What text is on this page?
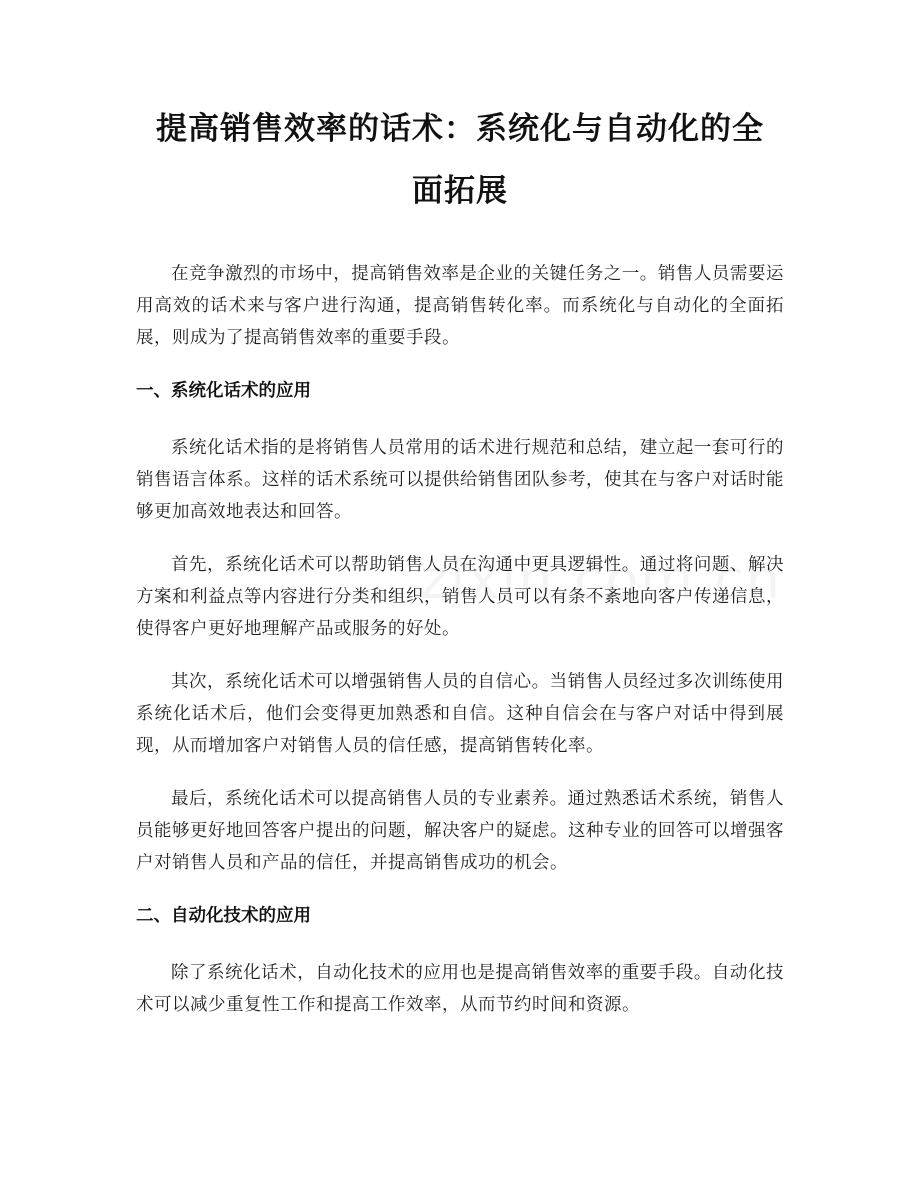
提高销售效率的话术：系统化与自动化的全
面拓展

在竞争激烈的市场中，提高销售效率是企业的关键任务之一。销售人员需要运用高效的话术来与客户进行沟通，提高销售转化率。而系统化与自动化的全面拓展，则成为了提高销售效率的重要手段。

一、系统化话术的应用

系统化话术指的是将销售人员常用的话术进行规范和总结，建立起一套可行的销售语言体系。这样的话术系统可以提供给销售团队参考，使其在与客户对话时能够更加高效地表达和回答。

首先，系统化话术可以帮助销售人员在沟通中更具逻辑性。通过将问题、解决方案和利益点等内容进行分类和组织，销售人员可以有条不紊地向客户传递信息，使得客户更好地理解产品或服务的好处。

其次，系统化话术可以增强销售人员的自信心。当销售人员经过多次训练使用系统化话术后，他们会变得更加熟悉和自信。这种自信会在与客户对话中得到展现，从而增加客户对销售人员的信任感，提高销售转化率。

最后，系统化话术可以提高销售人员的专业素养。通过熟悉话术系统，销售人员能够更好地回答客户提出的问题，解决客户的疑虑。这种专业的回答可以增强客户对销售人员和产品的信任，并提高销售成功的机会。

二、自动化技术的应用

除了系统化话术，自动化技术的应用也是提高销售效率的重要手段。自动化技术可以减少重复性工作和提高工作效率，从而节约时间和资源。
